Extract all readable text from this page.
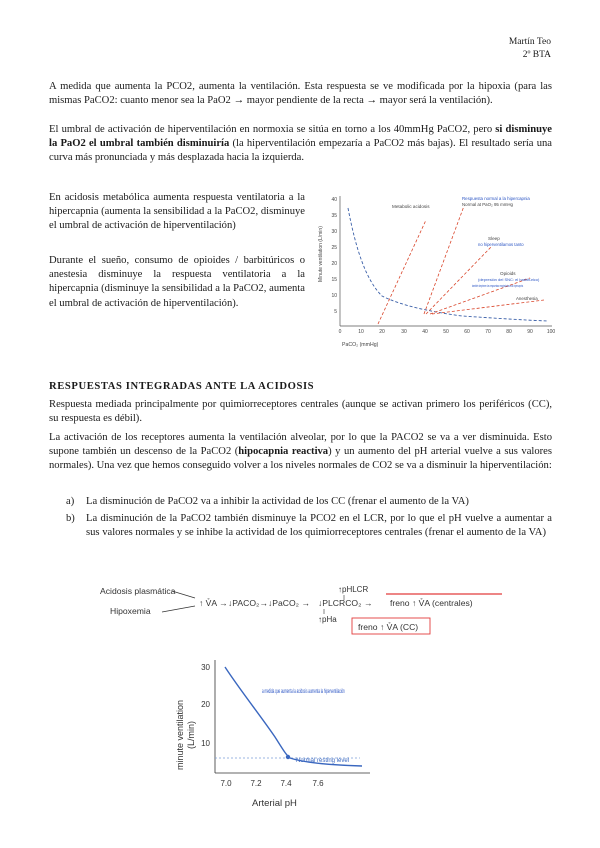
Martín Teo
2º BTA

A medida que aumenta la PCO2, aumenta la ventilación. Esta respuesta se ve modificada por la hipoxia (para las mismas PaCO2: cuanto menor sea la PaO2 → mayor pendiente de la recta → mayor será la ventilación).

El umbral de activación de hiperventilación en normoxia se sitúa en torno a los 40mmHg PaCO2, pero si disminuye la PaO2 el umbral también disminuiría (la hiperventilación empezaría a PaCO2 más bajas). El resultado sería una curva más pronunciada y más desplazada hacia la izquierda.

En acidosis metabólica aumenta respuesta ventilatoria a la hipercapnia (aumenta la sensibilidad a la PaCO2, disminuye el umbral de activación de hiperventilación)

Durante el sueño, consumo de opioides / barbitúricos o anestesia disminuye la respuesta ventilatoria a la hipercapnia (disminuye la sensibilidad a la PaCO2, aumenta el umbral de activación de hiperventilación).

40
35
30
25
20
15
10
5
0	10	20	30	40	50	60	70	80	90	100
PaCO₂ (mmHg)
Minute ventilation (L/min)
Metabolic acidosis
Respuesta normal a la hipercapnia
Normal at PaO₂ 95 mmHg
Sleep
no hiperventilamos tanto
Opioids
(depresión del SNC: el barbitúrico)
también deprimen las respuestas respiratorias a la hipercapnia
Anesthesia
RESPUESTAS INTEGRADAS ANTE LA ACIDOSIS

Respuesta mediada principalmente por quimiorreceptores centrales (aunque se activan primero los periféricos (CC), su respuesta es débil).

La activación de los receptores aumenta la ventilación alveolar, por lo que la PACO2 se va a ver disminuida. Esto supone también un descenso de la PaCO2 (hipocapnia reactiva) y un aumento del pH arterial vuelve a sus valores normales). Una vez que hemos conseguido volver a los niveles normales de CO2 se va a disminuir la hiperventilación:

a) La disminución de PaCO2 va a inhibir la actividad de los CC (frenar el aumento de la VA)
b) La disminución de la PaCO2 también disminuye la PCO2 en el LCR, por lo que el pH vuelve a aumentar a sus valores normales y se inhibe la actividad de los quimiorreceptores centrales (frenar el aumento de la VA)
Acidosis plasmática
Hipoxemia
↑ V̊A → ↓PACO₂→↓PaCO₂ →
↑pHa
↓PLCRCO₂ →
↑pHLCR
freno ↑ V̊A (centrales)
freno ↑ V̊A (CC)
minute ventilation (L/min)
30
20
10
7.0 7.2 7.4	7.6
Arterial pH
Normal resting level
a medida que aumenta la acidosis aumenta la hiperventilación
